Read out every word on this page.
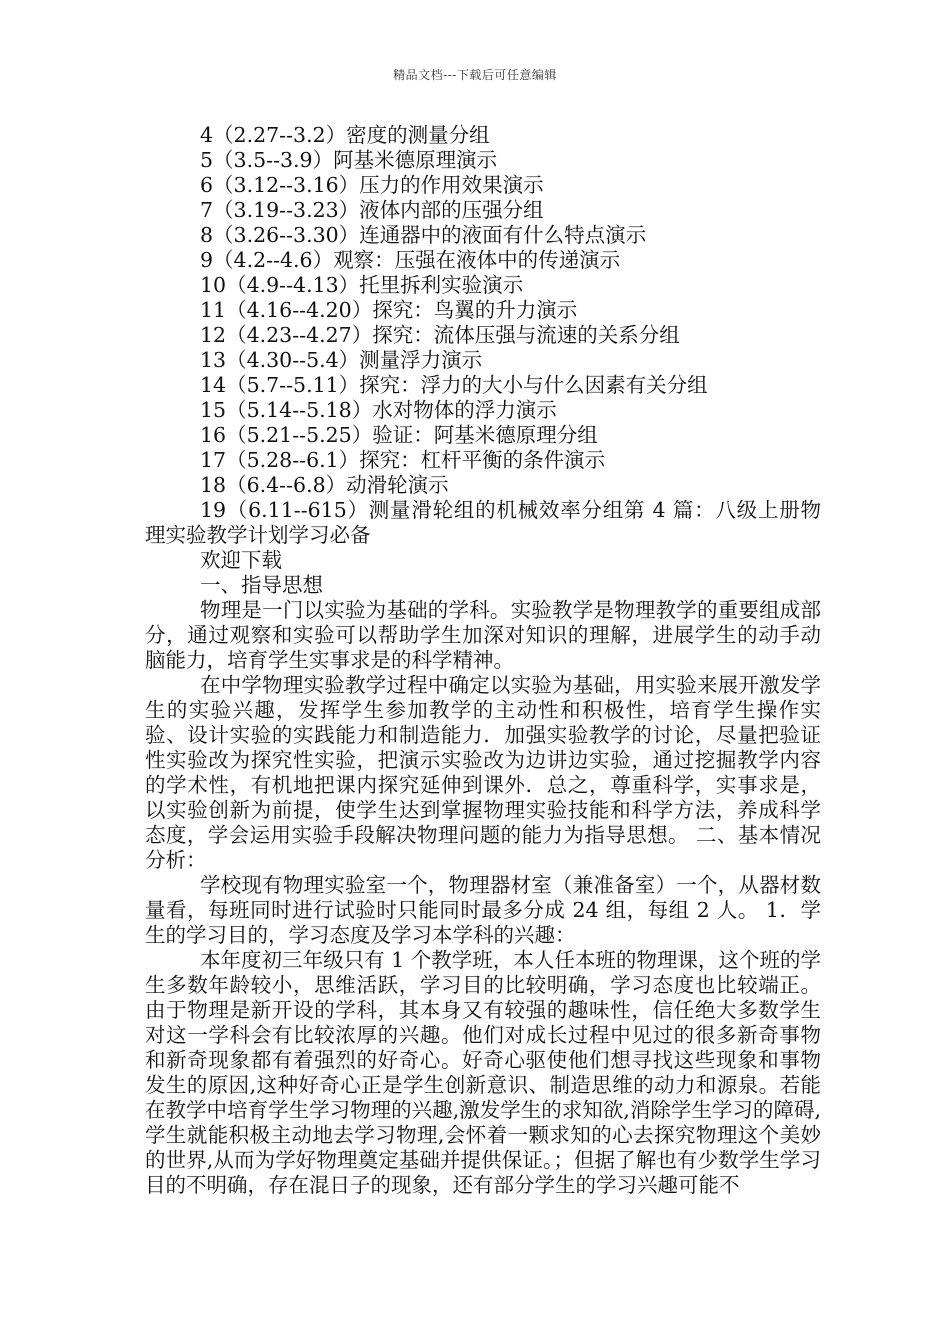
精品文档---下载后可任意编辑
4（2.27--3.2）密度的测量分组
5（3.5--3.9）阿基米德原理演示
6（3.12--3.16）压力的作用效果演示
7（3.19--3.23）液体内部的压强分组
8（3.26--3.30）连通器中的液面有什么特点演示
9（4.2--4.6）观察：压强在液体中的传递演示
10（4.9--4.13）托里拆利实验演示
11（4.16--4.20）探究：鸟翼的升力演示
12（4.23--4.27）探究：流体压强与流速的关系分组
13（4.30--5.4）测量浮力演示
14（5.7--5.11）探究：浮力的大小与什么因素有关分组
15（5.14--5.18）水对物体的浮力演示
16（5.21--5.25）验证：阿基米德原理分组
17（5.28--6.1）探究：杠杆平衡的条件演示
18（6.4--6.8）动滑轮演示
19（6.11--615）测量滑轮组的机械效率分组第 4 篇：八级上册物理实验教学计划学习必备
欢迎下载
一、指导思想

物理是一门以实验为基础的学科。实验教学是物理教学的重要组成部分，通过观察和实验可以帮助学生加深对知识的理解，进展学生的动手动脑能力，培育学生实事求是的科学精神。

在中学物理实验教学过程中确定以实验为基础，用实验来展开激发学生的实验兴趣，发挥学生参加教学的主动性和积极性，培育学生操作实验、设计实验的实践能力和制造能力．加强实验教学的讨论，尽量把验证性实验改为探究性实验，把演示实验改为边讲边实验，通过挖掘教学内容的学术性，有机地把课内探究延伸到课外．总之，尊重科学，实事求是，以实验创新为前提，使学生达到掌握物理实验技能和科学方法，养成科学态度，学会运用实验手段解决物理问题的能力为指导思想。 二、基本情况分析：

学校现有物理实验室一个，物理器材室（兼准备室）一个，从器材数量看，每班同时进行试验时只能同时最多分成 24 组，每组 2 人。 1．学生的学习目的，学习态度及学习本学科的兴趣：

本年度初三年级只有 1 个教学班，本人任本班的物理课，这个班的学生多数年龄较小，思维活跃，学习目的比较明确，学习态度也比较端正。由于物理是新开设的学科，其本身又有较强的趣味性，信任绝大多数学生对这一学科会有比较浓厚的兴趣。他们对成长过程中见过的很多新奇事物和新奇现象都有着强烈的好奇心。好奇心驱使他们想寻找这些现象和事物发生的原因,这种好奇心正是学生创新意识、制造思维的动力和源泉。若能在教学中培育学生学习物理的兴趣,激发学生的求知欲,消除学生学习的障碍,学生就能积极主动地去学习物理,会怀着一颗求知的心去探究物理这个美妙的世界,从而为学好物理奠定基础并提供保证。；但据了解也有少数学生学习目的不明确，存在混日子的现象，还有部分学生的学习兴趣可能不
